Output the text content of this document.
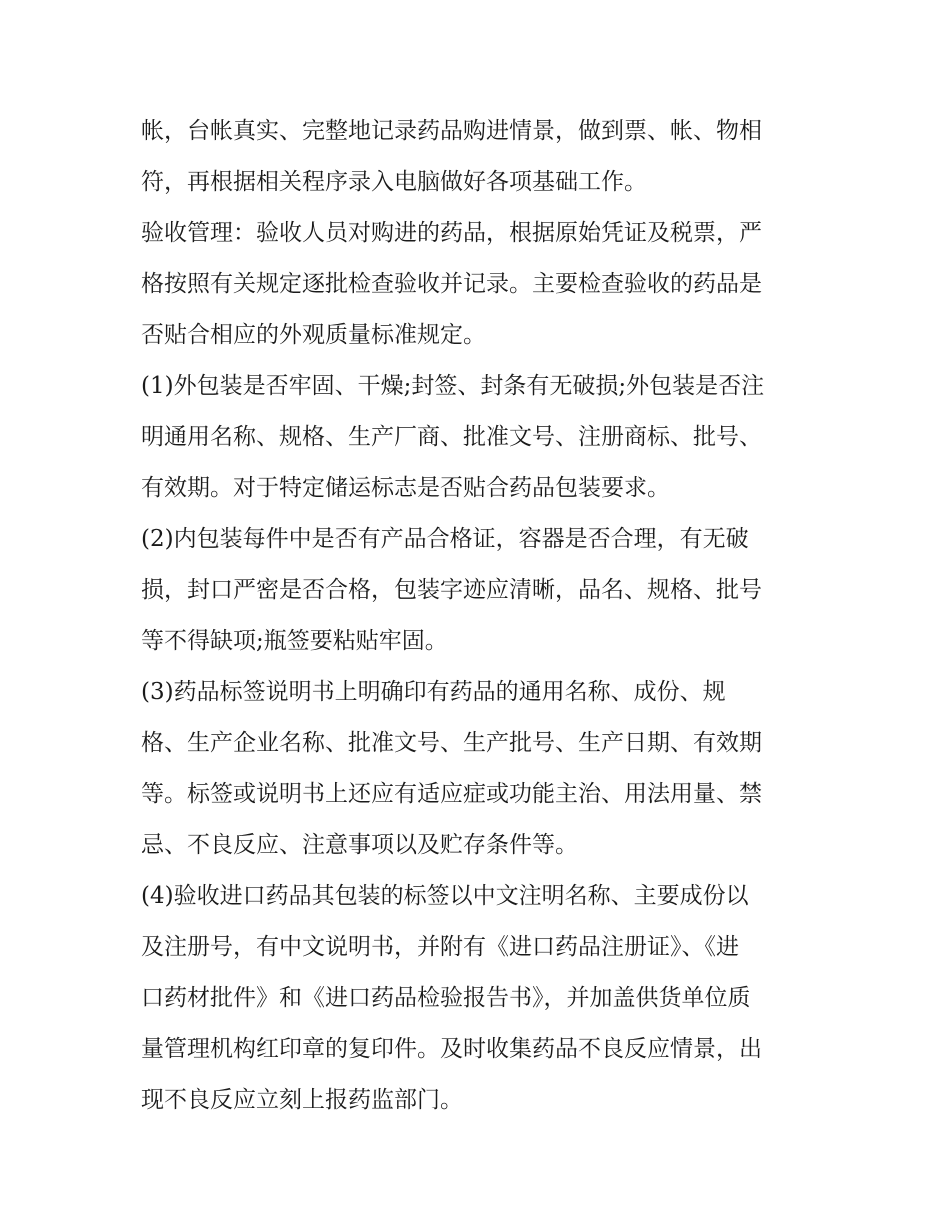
帐，台帐真实、完整地记录药品购进情景，做到票、帐、物相
符，再根据相关程序录入电脑做好各项基础工作。
验收管理：验收人员对购进的药品，根据原始凭证及税票，严
格按照有关规定逐批检查验收并记录。主要检查验收的药品是
否贴合相应的外观质量标准规定。
(1)外包装是否牢固、干燥;封签、封条有无破损;外包装是否注
明通用名称、规格、生产厂商、批准文号、注册商标、批号、
有效期。对于特定储运标志是否贴合药品包装要求。
(2)内包装每件中是否有产品合格证，容器是否合理，有无破
损，封口严密是否合格，包装字迹应清晰，品名、规格、批号
等不得缺项;瓶签要粘贴牢固。
(3)药品标签说明书上明确印有药品的通用名称、成份、规
格、生产企业名称、批准文号、生产批号、生产日期、有效期
等。标签或说明书上还应有适应症或功能主治、用法用量、禁
忌、不良反应、注意事项以及贮存条件等。
(4)验收进口药品其包装的标签以中文注明名称、主要成份以
及注册号，有中文说明书，并附有《进口药品注册证》、《进
口药材批件》和《进口药品检验报告书》，并加盖供货单位质
量管理机构红印章的复印件。及时收集药品不良反应情景，出
现不良反应立刻上报药监部门。
